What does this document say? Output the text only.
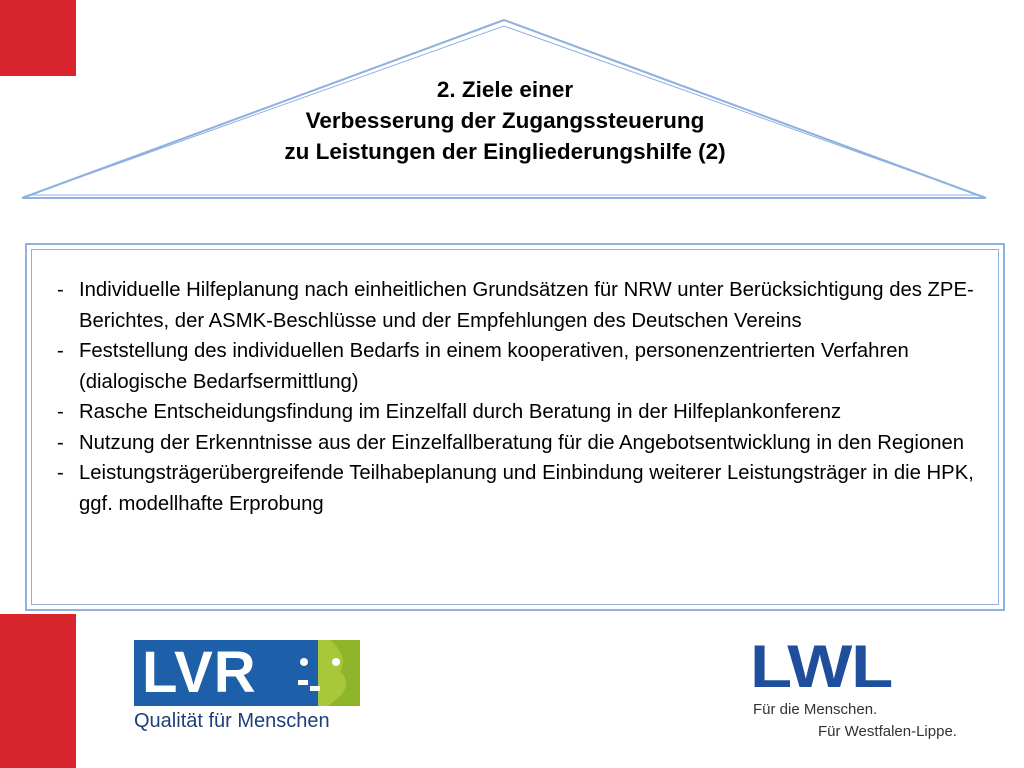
2. Ziele einer
Verbesserung der Zugangssteuerung
zu Leistungen der Eingliederungshilfe (2)
- Individuelle Hilfeplanung nach einheitlichen Grundsätzen für NRW unter Berücksichtigung des ZPE-Berichtes, der ASMK-Beschlüsse und der Empfehlungen des Deutschen Vereins
- Feststellung des individuellen Bedarfs in einem kooperativen, personenzentrierten Verfahren (dialogische Bedarfsermittlung)
- Rasche Entscheidungsfindung im Einzelfall durch Beratung in der Hilfeplankonferenz
- Nutzung der Erkenntnisse aus der Einzelfallberatung für die Angebotsentwicklung in den Regionen
- Leistungsträgerübergreifende Teilhabeplanung und Einbindung weiterer Leistungsträger in die HPK, ggf. modellhafte Erprobung
LVR
Qualität für Menschen
LWL
Für die Menschen.
Für Westfalen-Lippe.
